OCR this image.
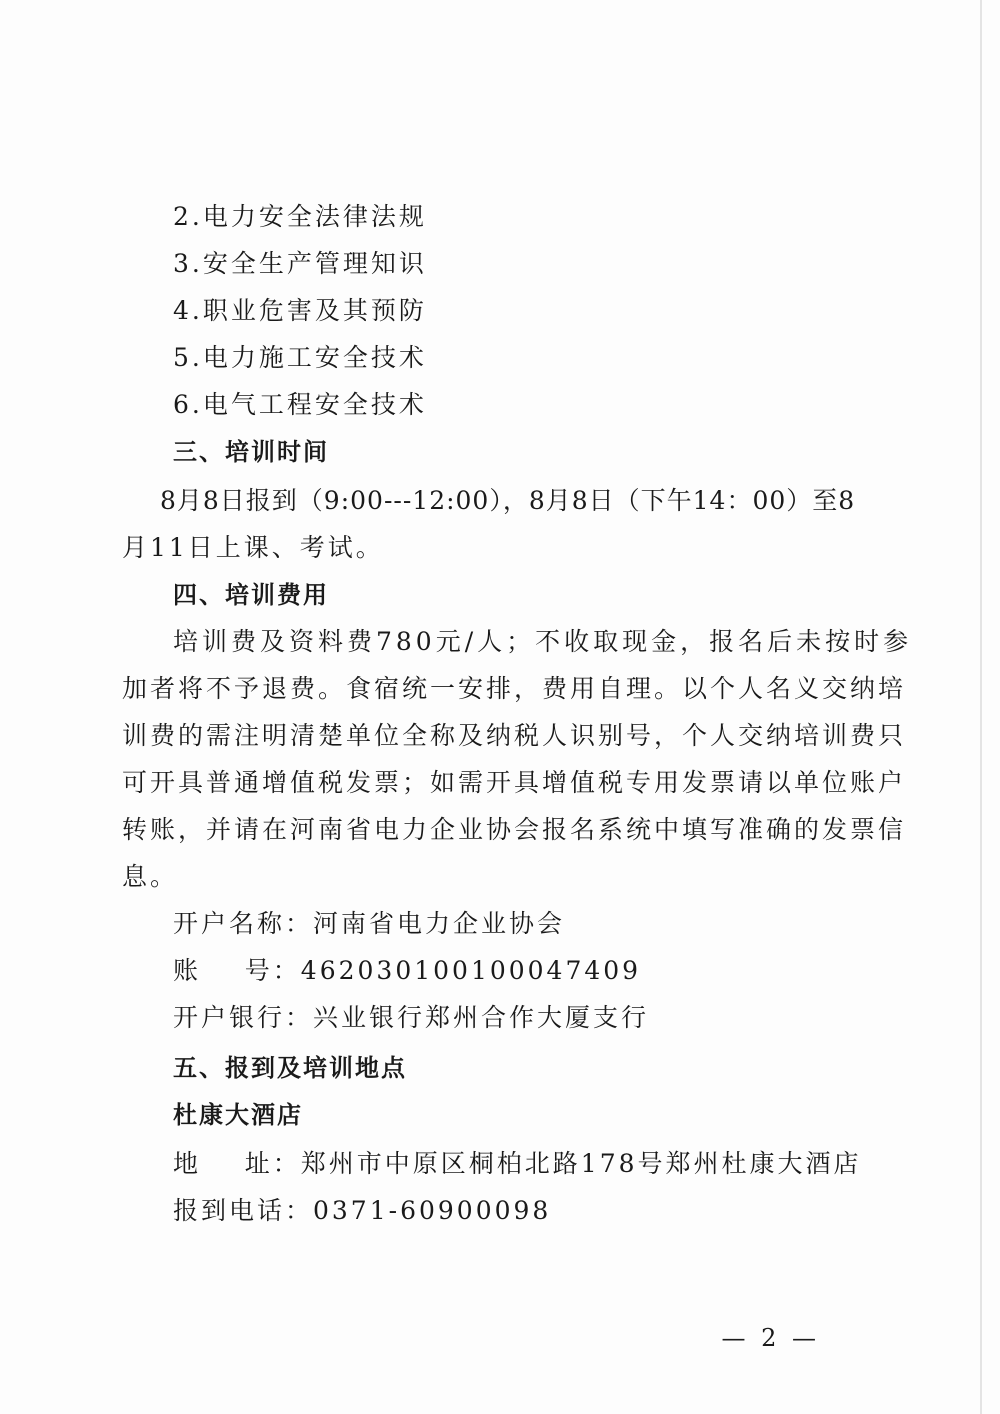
2.电力安全法律法规
3.安全生产管理知识
4.职业危害及其预防
5.电力施工安全技术
6.电气工程安全技术
三、培训时间
8月8日报到（9:00---12:00），8月8日（下午14：00）至8
月11日上课、考试。
四、培训费用
培训费及资料费780元/人；不收取现金，报名后未按时参
加者将不予退费。食宿统一安排，费用自理。以个人名义交纳培
训费的需注明清楚单位全称及纳税人识别号，个人交纳培训费只
可开具普通增值税发票；如需开具增值税专用发票请以单位账户
转账，并请在河南省电力企业协会报名系统中填写准确的发票信
息。
开户名称：河南省电力企业协会
账    号：462030100100047409
开户银行：兴业银行郑州合作大厦支行
五、报到及培训地点
杜康大酒店
地    址：郑州市中原区桐柏北路178号郑州杜康大酒店
报到电话：0371-60900098
— 2 —
